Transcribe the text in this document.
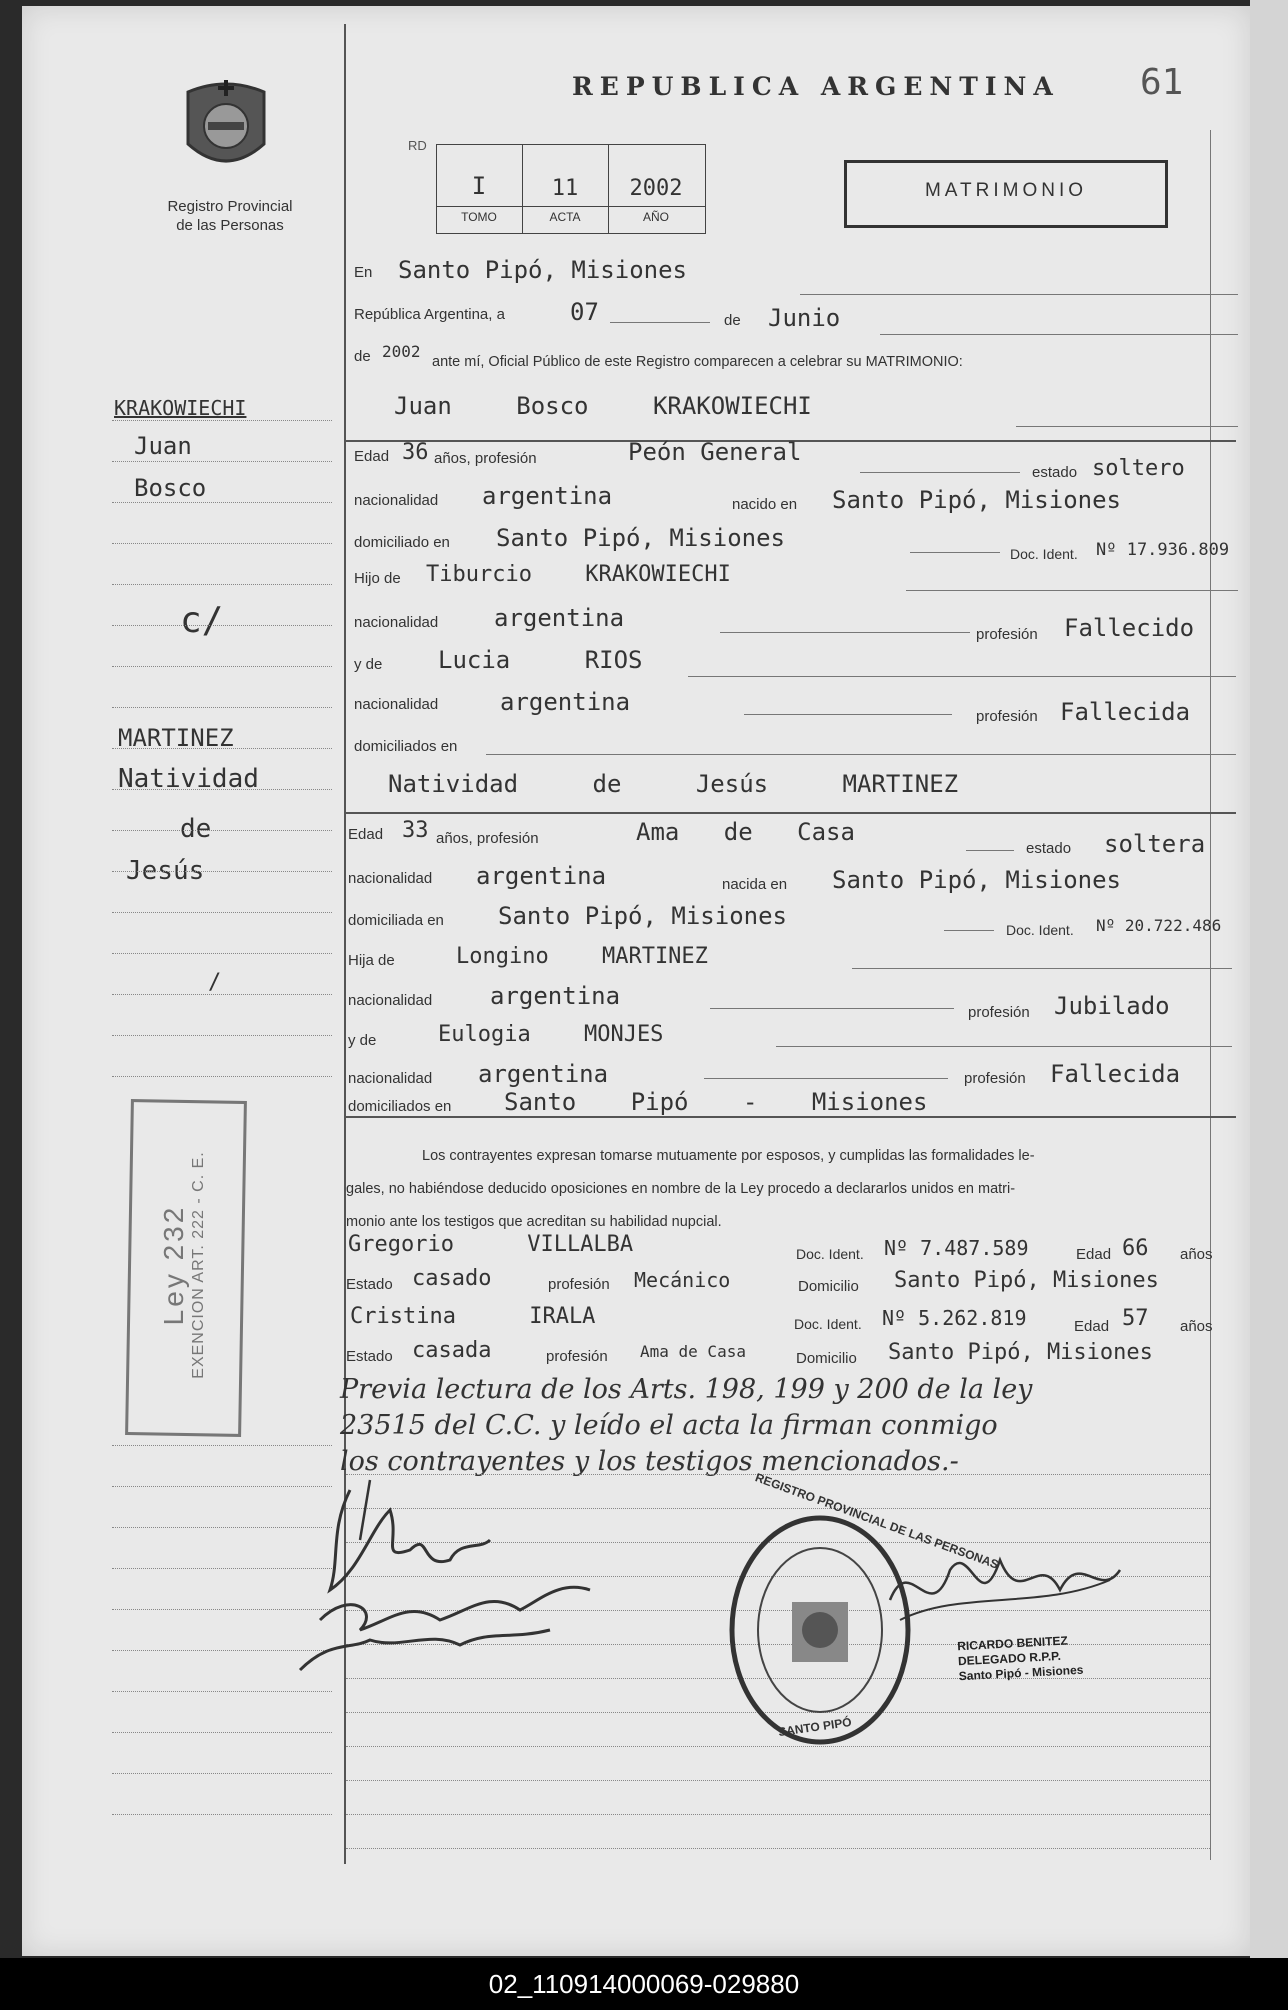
Registro Provincial
de las Personas
REPUBLICA ARGENTINA 61
RD
I	11	2002
TOMO	ACTA	AÑO
MATRIMONIO
KRAKOWIECHI
Juan
Bosco
c/
MARTINEZ
Natividad
de
Jesús
/
Ley 232 EXENCION ART. 222 - C. E.
En Santo Pipó, Misiones
República Argentina, a	07	de Junio
de 2002
ante mí, Oficial Público de este Registro comparecen a celebrar su MATRIMONIO:
Juan Bosco KRAKOWIECHI
Edad 36 años, profesión	Peón General
estado soltero
nacionalidad argentina	nacido en Santo Pipó, Misiones
domiciliado en Santo Pipó, Misiones
Doc. Ident. Nº 17.936.809
Hijo de Tiburcio KRAKOWIECHI
nacionalidad argentina
profesión Fallecido
y de Lucia RIOS
nacionalidad	argentina
profesión Fallecida
domiciliados en
Natividad de Jesús MARTINEZ
Edad 33 años, profesión	Ama de Casa
estado soltera
nacionalidad argentina	nacida en Santo Pipó, Misiones
domiciliada en Santo Pipó, Misiones	Doc. Ident. Nº 20.722.486
Hija de	Longino MARTINEZ
nacionalidad argentina
profesión Jubilado
y de	Eulogia MONJES
nacionalidad argentina	profesión Fallecida
domiciliados en Santo Pipó - Misiones
Los contrayentes expresan tomarse mutuamente por esposos, y cumplidas las formalidades le-
gales, no habiéndose deducido oposiciones en nombre de la Ley procedo a declararlos unidos en matri-
monio ante los testigos que acreditan su habilidad nupcial.
Gregorio VILLALBA	Doc. Ident. Nº 7.487.589	Edad 66 años
Estado casado	profesión Mecánico	Domicilio Santo Pipó, Misiones
Cristina IRALA	Doc. Ident. Nº 5.262.819	Edad 57 años
Estado casada	profesión Ama de Casa	Domicilio Santo Pipó, Misiones
Previa lectura de los Arts. 198, 199 y 200 de la ley
23515 del C.C. y leído el acta la firman conmigo
los contrayentes y los testigos mencionados.-
REGISTRO PROVINCIAL DE LAS PERSONAS
SANTO PIPÓ
RICARDO BENITEZ
DELEGADO R.P.P.
Santo Pipó - Misiones
02_110914000069-029880
